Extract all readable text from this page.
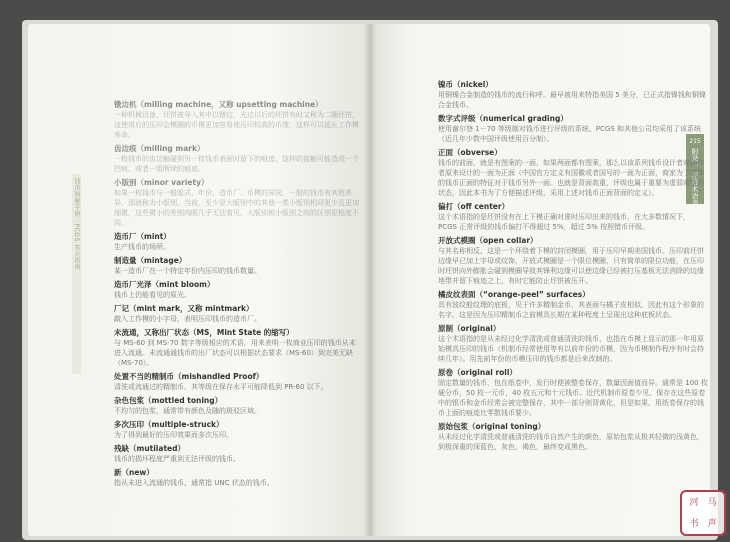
钱币图解手册：PCGS 官方指南
215
附录一 评级术语表
镦边机（milling machine，又称 upsetting machine）
一种机械设备，坯饼被导入其中以镦边，光边以后的坯饼有时又称为二圈坯饼，这使用后的压印会模圈的币模更加容易地压印较高的币缘，这样可以延长工作模寿命。
齿边痕（milling mark）
一枚钱币的齿边触碰到另一枚钱币表面时留下的痕迹，这样的接触可能造成一个凹痕、或者一组断续的痕迹。
小版别（minor variety）
如果一枚钱币与一般版式，年份、造币厂、币模的异同，一般的钱币有其他差异，那就称为小版别。当前，至少是大版别中的其他一类小版别相同更少且更加细微，这些微小的差别肉眼几乎无法看见。大版别和小版别之间的区别是程度不同。
造币厂（mint）
生产钱币的场所。
制造量（mintage）
某一造币厂在一个特定年份内压印的钱币数量。
造币厂光泽（mint bloom）
钱币上仍能看见的原光。
厂记（mint mark，又称 mintmark）
敲入工作模的小字母，表明压印钱币的造币厂。
未流通，又称出厂状态（MS，Mint State 的缩写）
与 MS-60 到 MS-70 数字等级相应的术语，用来表明一枚商业压印的钱币从未进入流通。未流通通钱币的出厂状态可以根据状态要求（MS-60）到完美无缺（MS-70）。
处置不当的精制币（mishandled Proof）
清洗或流通过的精制币，其等级在保存水平可能降低到 PR-60 以下。
杂色包浆（mottled toning）
不均匀的包浆，通常带有颜色及随的斑驳区域。
多次压印（multiple-struck）
为了得到最好的压印效果而多次压印。
残缺（mutilated）
钱币的损坏程度严重到无法评级的钱币。
新（new）
指从未进入流通的钱币，通常指 UNC 状态的钱币。
镍币（nickel）
用铜镍合金制造的钱币的流行称呼。最早被用来特指美国 5 美分，已正式指镍钱和铜镍合金钱币。
数字式评级（numerical grading）
使用谢尔登 1－70 等级制对钱币进行评级的系统。PCGS 和其他公司均采用了该系统（近几年少数中国评级使用百分制）。
正面（obverse）
钱币的前面，就是有图案的一面，如果两面都有图案，那么以该系列钱币设计者或创作者原来设计的一面为正面（中国官方定义有国徽或者国号的一面为正面，商家为了装饰的钱币正面的特征对于钱币另外一面。也就是背面高重，评级也属于重要为虚弱观察的状态，因此本书为了方便描述评级，采用上述对钱币正面背面的定义）。
偏打（off center）
这个术语指的是坯饼没有在上下模正确对准时压印出来的钱币，在大多数情况下，PCGS 正常评级的钱币偏打不得超过 5%，超过 5% 按照错币评级。
开放式模圈（open collar）
与其名称相反，这是一个环绕着下模的封闭模圈，用于压印早期美国钱币。压印前坯饼边缘早已加上字母或纹饰，开放式模圈是一个限位模圈，只有简单的限位功能，在压印时坯饼向外膨胀会碰到模圈导致其锋利边缘可以使边缘已经被打压基板无法消除的边缘地带并留下痕迹之上，有时它能防止坯饼被压开。
橘皮纹表面（“orange-peel” surfaces）
具有波纹般纹理的底板，见于许多精制金币，其表面与橘子皮相似，因此有这个形象的名字。这是因为压印精制币之前模具长期在某种程度上呈现出这种底板状态。
原制（original）
这个术语指的是从未经过化学清洗或普通清洗的钱币，也指在币模上显示的那一年用原始模具压印的钱币（机制币经常使用等有以前年份的币模，因为币模制作程序有时会持续几年）。用先前年份的币模压印的钱币都是后来改制的。
原卷（original roll）
固定数量的钱币，包在纸卷中，发行时便被整卷保存，数量因面值而异。通常是 100 枚硬分币，50 枚一元币，40 枚五元和十元钱币。近代机制币原卷少见，保存在这些原卷中的银币和金币经常会被完整保存，其中一部分则背黄化，但是如果，用纸卷保存的钱币上面的痕迹比零散钱币要少。
原始包浆（original toning）
从未经过化学清洗或普通清洗的钱币自然产生的颜色，原始包浆从极其轻微的浅黄色，到极深重的深蓝色，灰色，褐色，最终变成黑色。
河 马
书 声
